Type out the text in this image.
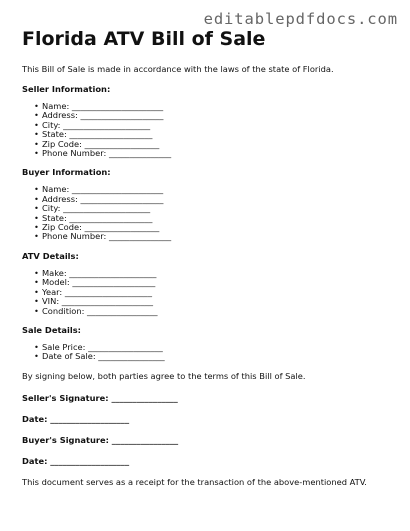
editablepdfdocs.com
Florida ATV Bill of Sale

This Bill of Sale is made in accordance with the laws of the state of Florida.

Seller Information:
• Name: ______________________
• Address: ____________________
• City: _____________________
• State: ____________________
• Zip Code: __________________
• Phone Number: _______________
Buyer Information:
• Name: ______________________
• Address: ____________________
• City: _____________________
• State: ____________________
• Zip Code: __________________
• Phone Number: _______________
ATV Details:
• Make: _____________________
• Model: ____________________
• Year: _____________________
• VIN: ______________________
• Condition: _________________
Sale Details:
• Sale Price: __________________
• Date of Sale: ________________

By signing below, both parties agree to the terms of this Bill of Sale.

Seller's Signature: ________________
Date: ___________________
Buyer's Signature: ________________
Date: ___________________

This document serves as a receipt for the transaction of the above-mentioned ATV.
